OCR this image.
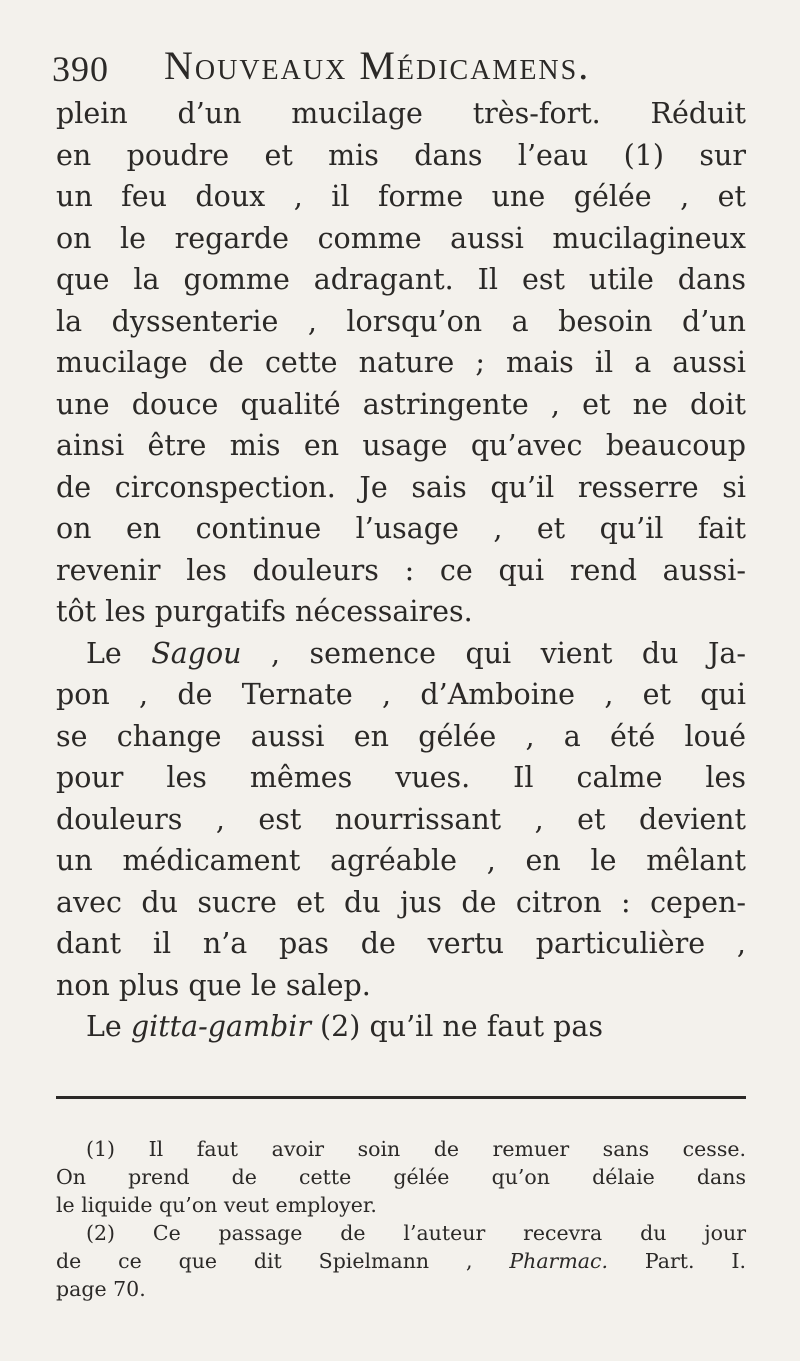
390 Nouveaux Médicamens.
plein d’un mucilage très-fort. Réduit
en poudre et mis dans l’eau (1) sur
un feu doux , il forme une gélée , et
on le regarde comme aussi mucilagineux
que la gomme adragant. Il est utile dans
la dyssenterie , lorsqu’on a besoin d’un
mucilage de cette nature ; mais il a aussi
une douce qualité astringente , et ne doit
ainsi être mis en usage qu’avec beaucoup
de circonspection. Je sais qu’il resserre si
on en continue l’usage , et qu’il fait
revenir les douleurs : ce qui rend aussi-
tôt les purgatifs nécessaires.
Le Sagou , semence qui vient du Ja-
pon , de Ternate , d’Amboine , et qui
se change aussi en gélée , a été loué
pour les mêmes vues. Il calme les
douleurs , est nourrissant , et devient
un médicament agréable , en le mêlant
avec du sucre et du jus de citron : cepen-
dant il n’a pas de vertu particulière ,
non plus que le salep.
Le gitta-gambir (2) qu’il ne faut pas
(1) Il faut avoir soin de remuer sans cesse.
On prend de cette gélée qu’on délaie dans
le liquide qu’on veut employer.
(2) Ce passage de l’auteur recevra du jour
de ce que dit Spielmann , Pharmac. Part. I.
page 70.
